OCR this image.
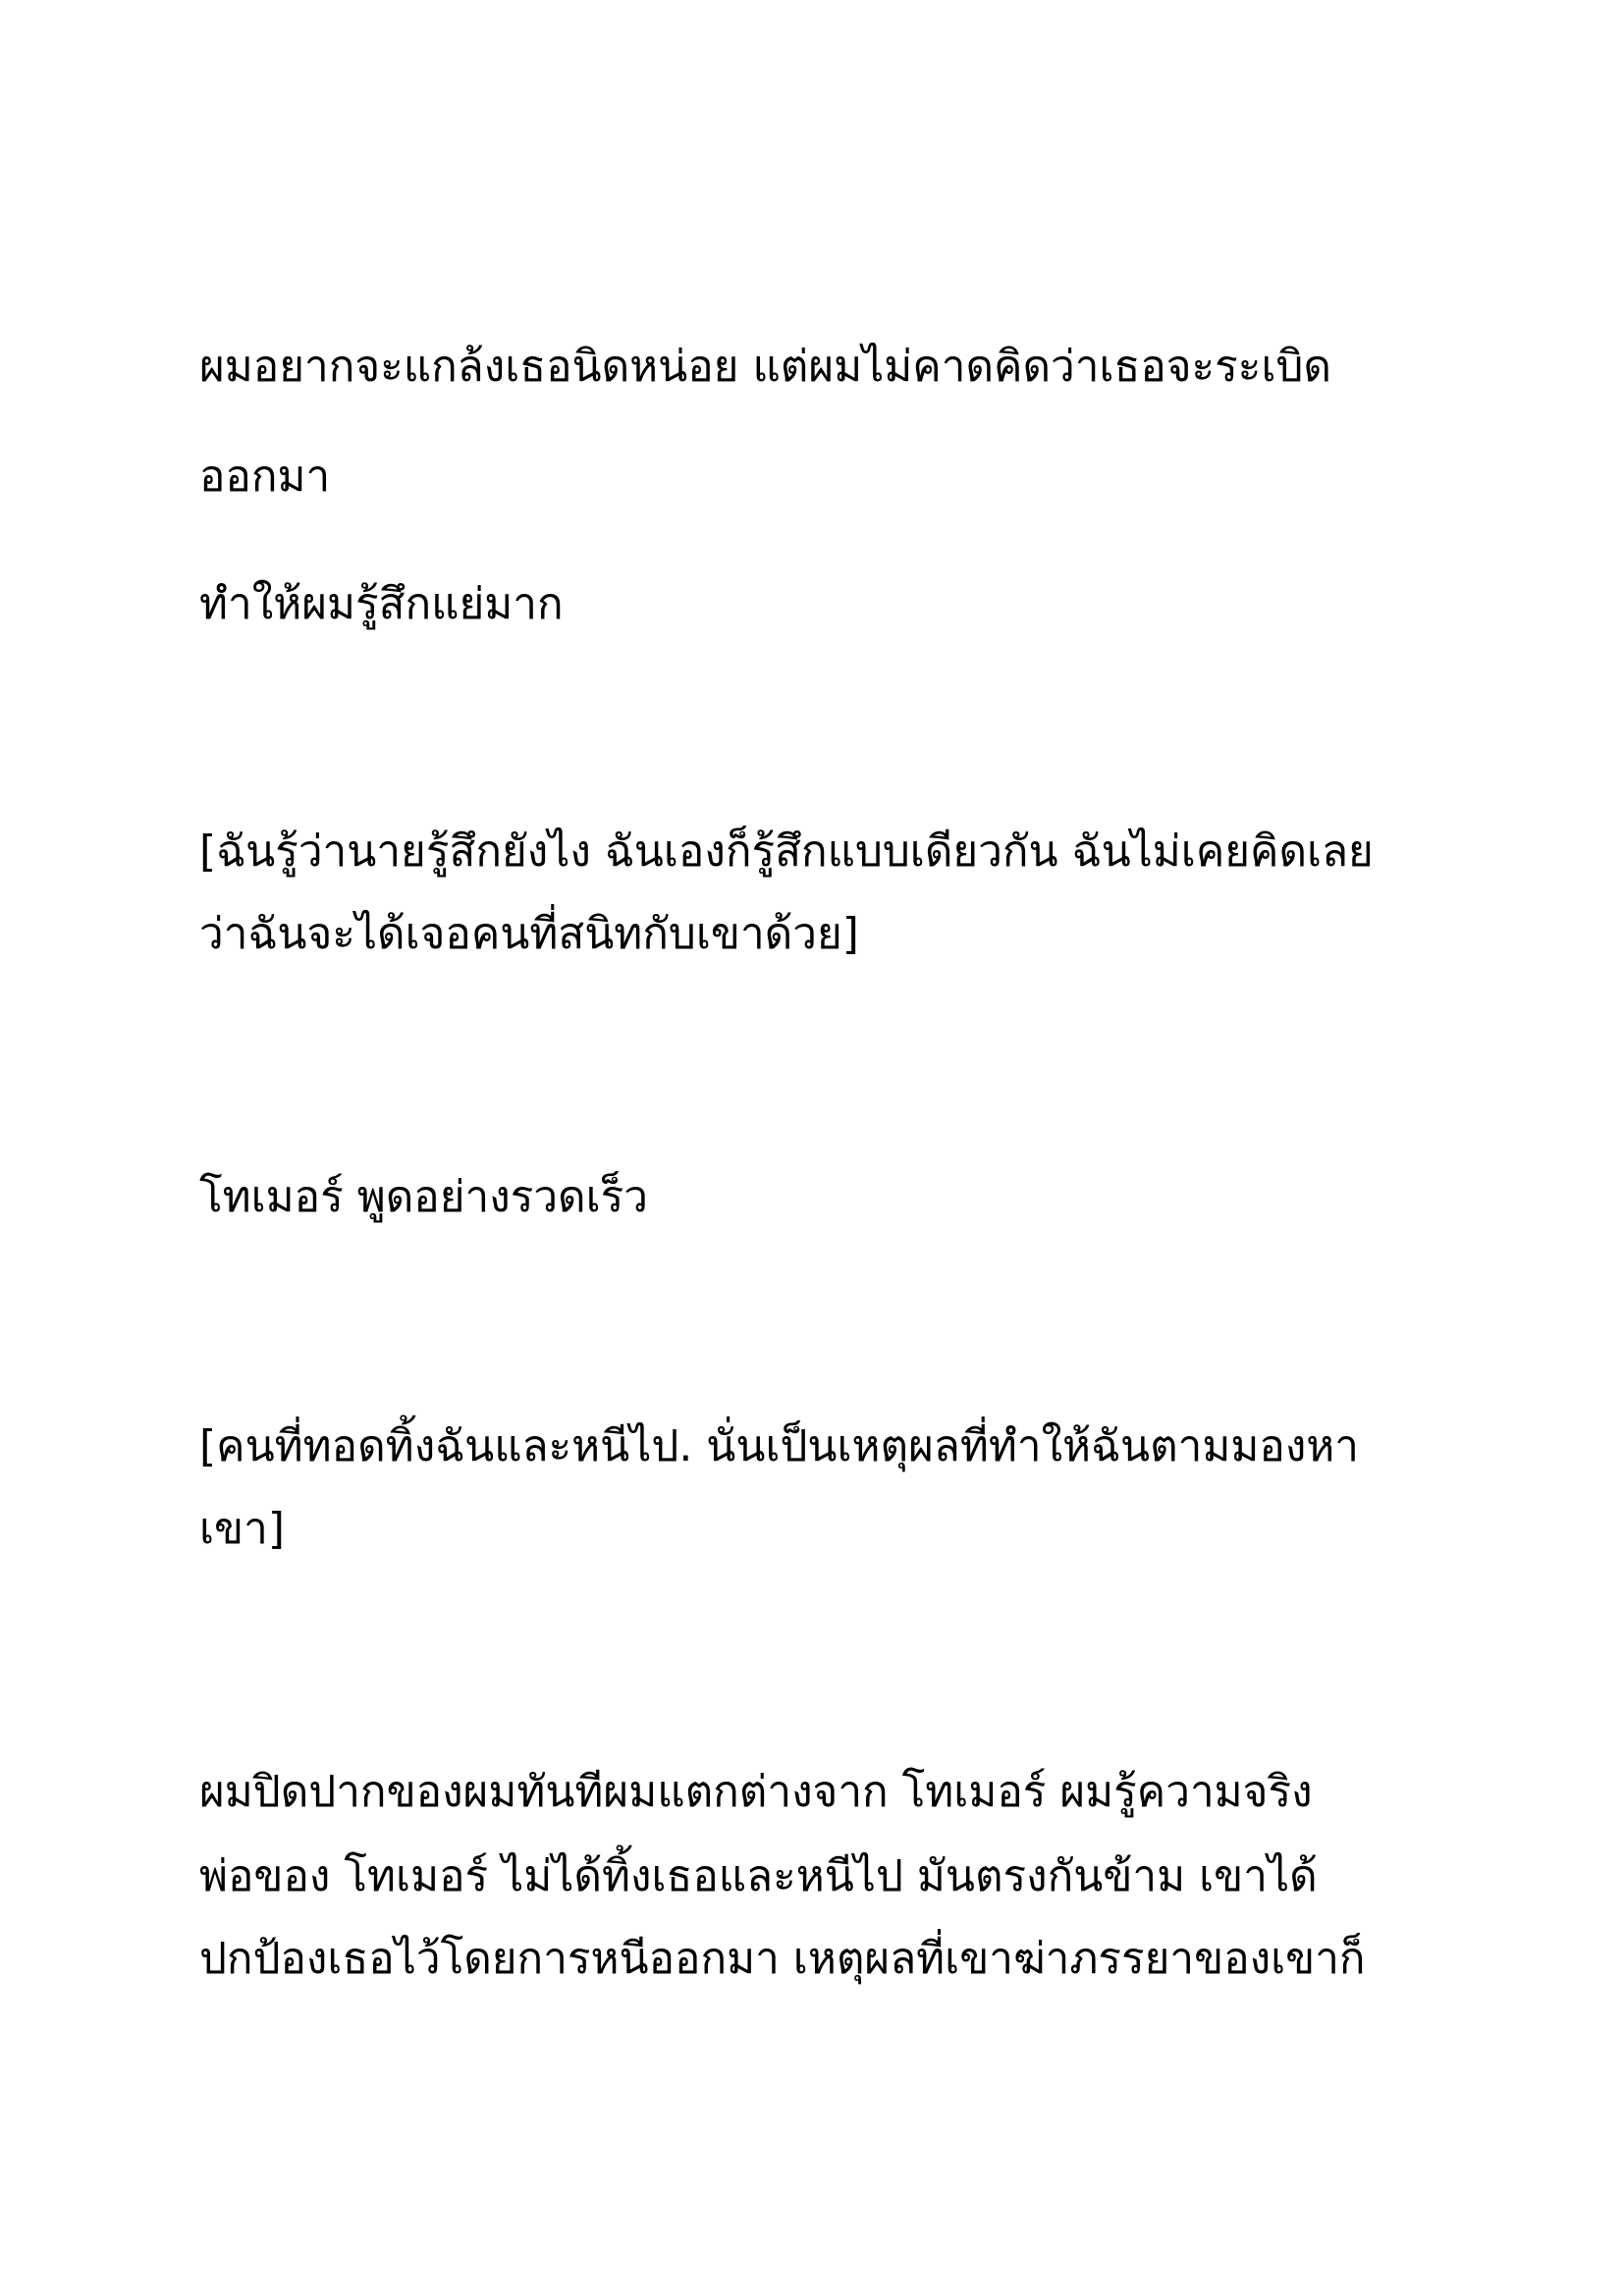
ผมอยากจะแกล้งเธอนิดหน่อย แต่ผมไม่คาดคิดว่าเธอจะระเบิด
ออกมา
ทำให้ผมรู้สึกแย่มาก
[ฉันรู้ว่านายรู้สึกยังไง ฉันเองก็รู้สึกแบบเดียวกัน ฉันไม่เคยคิดเลย
ว่าฉันจะได้เจอคนที่สนิทกับเขาด้วย]
โทเมอร์ พูดอย่างรวดเร็ว
[คนที่ทอดทิ้งฉันและหนีไป. นั่นเป็นเหตุผลที่ทำให้ฉันตามมองหา
เขา]
ผมปิดปากของผมทันทีผมแตกต่างจาก โทเมอร์ ผมรู้ความจริง
พ่อของ โทเมอร์ ไม่ได้ทิ้งเธอและหนีไป มันตรงกันข้าม เขาได้
ปกป้องเธอไว้โดยการหนีออกมา เหตุผลที่เขาฆ่าภรรยาของเขาก็
